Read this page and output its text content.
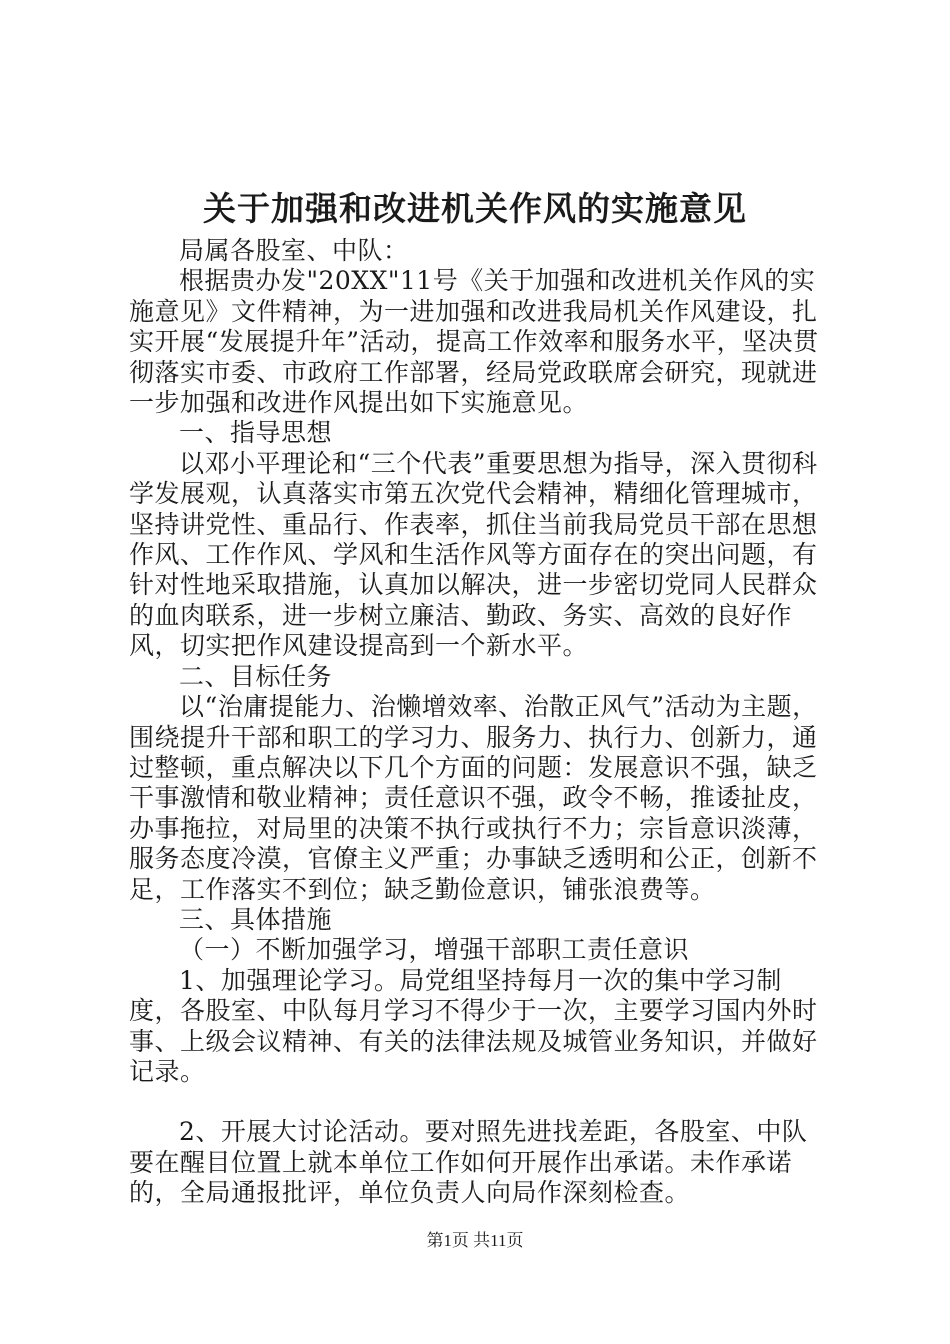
关于加强和改进机关作风的实施意见

局属各股室、中队：

根据贵办发"20XX"11号《关于加强和改进机关作风的实施意见》文件精神，为一进加强和改进我局机关作风建设，扎实开展“发展提升年”活动，提高工作效率和服务水平，坚决贯彻落实市委、市政府工作部署，经局党政联席会研究，现就进一步加强和改进作风提出如下实施意见。

一、指导思想

以邓小平理论和“三个代表”重要思想为指导，深入贯彻科学发展观，认真落实市第五次党代会精神，精细化管理城市，坚持讲党性、重品行、作表率，抓住当前我局党员干部在思想作风、工作作风、学风和生活作风等方面存在的突出问题，有针对性地采取措施，认真加以解决，进一步密切党同人民群众的血肉联系，进一步树立廉洁、勤政、务实、高效的良好作风，切实把作风建设提高到一个新水平。

二、目标任务

以“治庸提能力、治懒增效率、治散正风气”活动为主题，围绕提升干部和职工的学习力、服务力、执行力、创新力，通过整顿，重点解决以下几个方面的问题：发展意识不强，缺乏干事激情和敬业精神；责任意识不强，政令不畅，推诿扯皮，办事拖拉，对局里的决策不执行或执行不力；宗旨意识淡薄，服务态度冷漠，官僚主义严重；办事缺乏透明和公正，创新不足，工作落实不到位；缺乏勤俭意识，铺张浪费等。

三、具体措施

（一）不断加强学习，增强干部职工责任意识

1、加强理论学习。局党组坚持每月一次的集中学习制度，各股室、中队每月学习不得少于一次，主要学习国内外时事、上级会议精神、有关的法律法规及城管业务知识，并做好记录。

2、开展大讨论活动。要对照先进找差距，各股室、中队要在醒目位置上就本单位工作如何开展作出承诺。未作承诺的，全局通报批评，单位负责人向局作深刻检查。

第1页 共11页
